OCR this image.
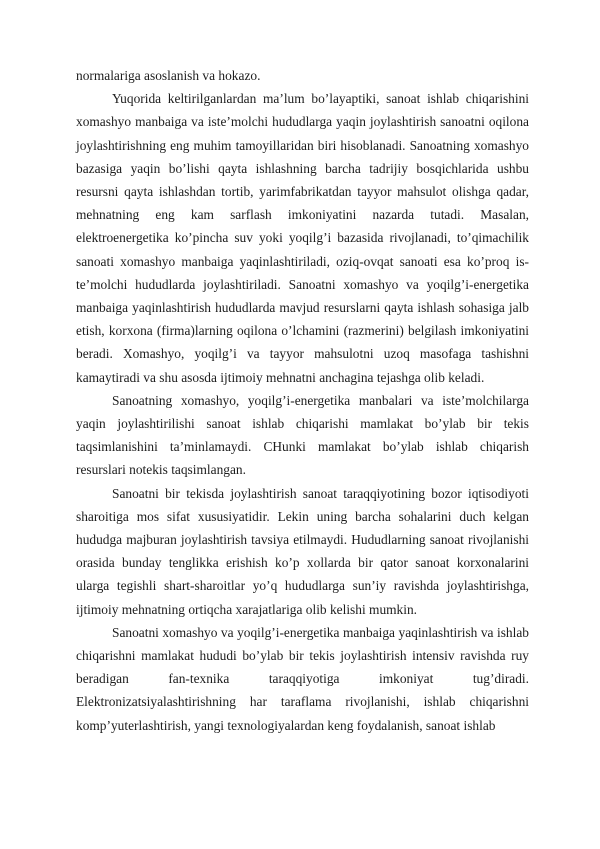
normalariga asoslanish va hokazo.

Yuqorida keltirilganlardan ma’lum bo’layaptiki, sanoat ishlab chiqarishini xomashyo manbaiga va iste’molchi hududlarga yaqin joylashtirish sanoatni oqilona joylashtirishning eng muhim tamoyillaridan biri hisoblanadi. Sanoatning xomashyo bazasiga yaqin bo’lishi qayta ishlashning barcha tadrijiy bosqichlarida ushbu resursni qayta ishlashdan tortib, yarimfabrikatdan tayyor mahsulot olishga qadar, mehnatning eng kam sarflash imkoniyatini nazarda tutadi. Masalan, elektroenergetika ko’pincha suv yoki yoqilg’i bazasida rivojlanadi, to’qimachilik sanoati xomashyo manbaiga yaqinlashtiriladi, oziq-ovqat sanoati esa ko’proq is-te’molchi hududlarda joylashtiriladi. Sanoatni xomashyo va yoqilg’i-energetika manbaiga yaqinlashtirish hududlarda mavjud resurslarni qayta ishlash sohasiga jalb etish, korxona (firma)larning oqilona o’lchamini (razmerini) belgilash imkoniyatini beradi. Xomashyo, yoqilg’i va tayyor mahsulotni uzoq masofaga tashishni kamaytiradi va shu asosda ijtimoiy mehnatni anchagina tejashga olib keladi.

Sanoatning xomashyo, yoqilg’i-energetika manbalari va iste’molchilarga yaqin joylashtirilishi sanoat ishlab chiqarishi mamlakat bo’ylab bir tekis taqsimlanishini ta’minlamaydi. CHunki mamlakat bo’ylab ishlab chiqarish resurslari notekis taqsimlangan.

Sanoatni bir tekisda joylashtirish sanoat taraqqiyotining bozor iqtisodiyoti sharoitiga mos sifat xususiyatidir. Lekin uning barcha sohalarini duch kelgan hududga majburan joylashtirish tavsiya etilmaydi. Hududlarning sanoat rivojlanishi orasida bunday tenglikka erishish ko’p xollarda bir qator sanoat korxonalarini ularga tegishli shart-sharoitlar yo’q hududlarga sun’iy ravishda joylashtirishga, ijtimoiy mehnatning ortiqcha xarajatlariga olib kelishi mumkin.

Sanoatni xomashyo va yoqilg’i-energetika manbaiga yaqinlashtirish va ishlab chiqarishni mamlakat hududi bo’ylab bir tekis joylashtirish intensiv ravishda ruy beradigan fan-texnika taraqqiyotiga imkoniyat tug’diradi. Elektronizatsiyalashtirishning har taraflama rivojlanishi, ishlab chiqarishni komp’yuterlashtirish, yangi texnologiyalardan keng foydalanish, sanoat ishlab
